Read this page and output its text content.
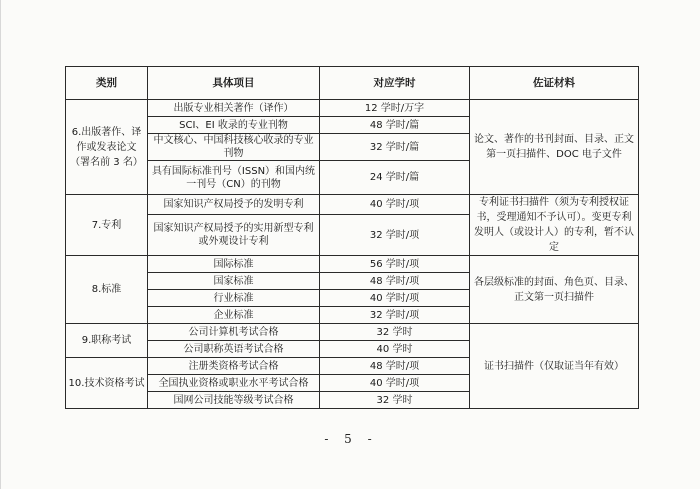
类别	具体项目	对应学时	佐证材料
6.出版著作、译作或发表论文（署名前 3 名）	出版专业相关著作（译作）	12 学时/万字	论文、著作的书刊封面、目录、正文第一页扫描件、DOC 电子文件
	SCI、EI 收录的专业刊物	48 学时/篇	
	中文核心、中国科技核心收录的专业刊物	32 学时/篇	
	具有国际标准刊号（ISSN）和国内统一刊号（CN）的刊物	24 学时/篇	
7.专利	国家知识产权局授予的发明专利	40 学时/项	专利证书扫描件（须为专利授权证书，受理通知不予认可）。变更专利发明人（或设计人）的专利，暂不认定
	国家知识产权局授予的实用新型专利或外观设计专利	32 学时/项	
8.标准	国际标准	56 学时/项	各层级标准的封面、角色页、目录、正文第一页扫描件
	国家标准	48 学时/项	
	行业标准	40 学时/项	
	企业标准	32 学时/项	
9.职称考试	公司计算机考试合格	32 学时	证书扫描件（仅取证当年有效）
	公司职称英语考试合格	40 学时	
10.技术资格考试	注册类资格考试合格	48 学时/项	
	全国执业资格或职业水平考试合格	40 学时/项	
	国网公司技能等级考试合格	32 学时	
- 5 -
